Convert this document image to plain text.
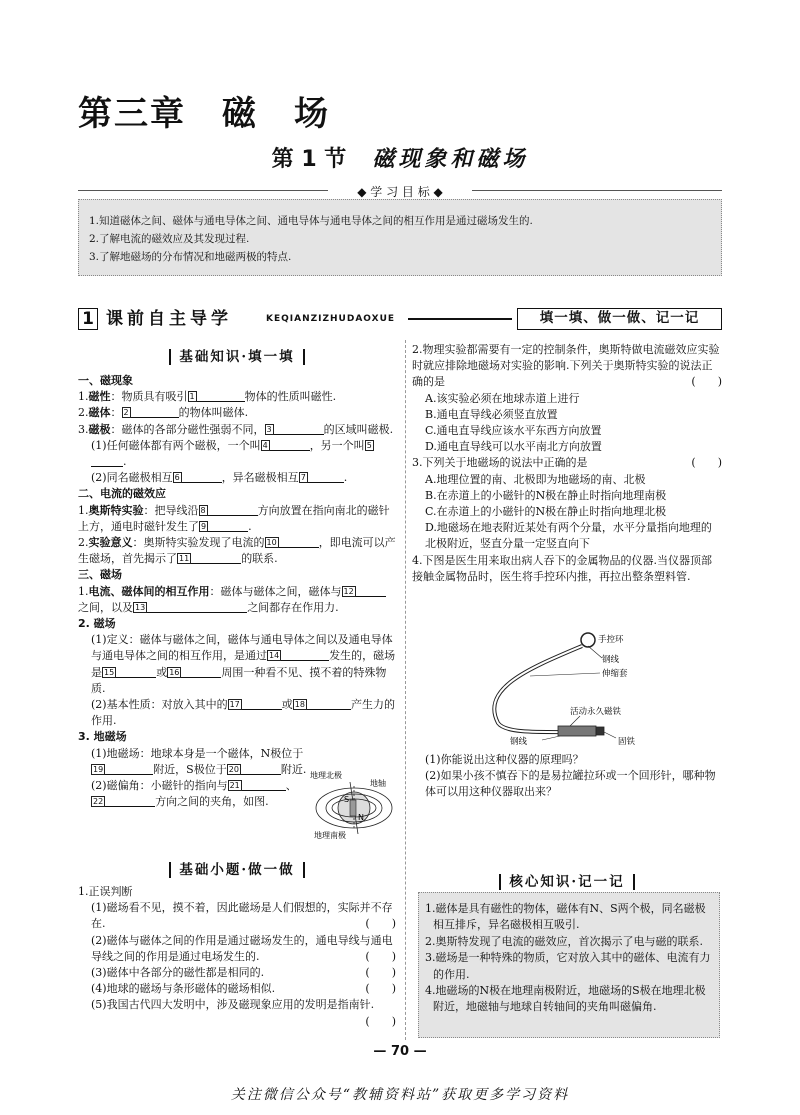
第三章　磁　场
第 1 节 磁现象和磁场
◆ 学 习 目 标 ◆
1.知道磁体之间、磁体与通电导体之间、通电导体与通电导体之间的相互作用是通过磁场发生的.
2.了解电流的磁效应及其发现过程.
3.了解地磁场的分布情况和地磁两极的特点.
1 课前自主导学	KEQIANZIZHUDAOXUE	填一填、做一做、记一记
基础知识·填一填
一、磁现象
1.磁性：物质具有吸引 1	物体的性质叫磁性.
2.磁体： 2	的物体叫磁体.
3.磁极：磁体的各部分磁性强弱不同， 3	的区域叫磁极.
(1)任何磁体都有两个磁极，一个叫 4	，另一个叫 5.
(2)同名磁极相互 6	，异名磁极相互 7	.
二、电流的磁效应
1.奥斯特实验：把导线沿 8	方向放置在指向南北的磁针上方，通电时磁针发生了 9	.
2.实验意义：奥斯特实验发现了电流的 10	，即电流可以产生磁场，首先揭示了 11	的联系.
三、磁场
1.电流、磁体间的相互作用：磁体与磁体之间，磁体与 12之间，以及 13	之间都存在作用力.
2. 磁场
(1)定义：磁体与磁体之间，磁体与通电导体之间以及通电导体与通电导体之间的相互作用，是通过 14	发生的，磁场是 15	或 16	周围一种看不见、摸不着的特殊物质.
(2)基本性质：对放入其中的 17	或 18	产生力的作用.
3. 地磁场
(1)地磁场：地球本身是一个磁体，N极位于19	附近，S极位于 20	附近.
(2)磁偏角：小磁针的指向与 21	、22	方向之间的夹角，如图.	S
N
地理北极
地轴
地理南极
基础小题·做一做
1.正误判断
(1)磁场看不见，摸不着，因此磁场是人们假想的，实际并不存在.	(　　)
(2)磁体与磁体之间的作用是通过磁场发生的，通电导线与通电导线之间的作用是通过电场发生的.	(　　)
(3)磁体中各部分的磁性都是相同的.	(　　)
(4)地球的磁场与条形磁体的磁场相似.	(　　)
(5)我国古代四大发明中，涉及磁现象应用的发明是指南针.
(　　)
2.物理实验都需要有一定的控制条件，奥斯特做电流磁效应实验时就应排除地磁场对实验的影响.下列关于奥斯特实验的说法正确的是	(　　)
A.该实验必须在地球赤道上进行
B.通电直导线必须竖直放置
C.通电直导线应该水平东西方向放置
D.通电直导线可以水平南北方向放置
3.下列关于地磁场的说法中正确的是	(　　)
A.地理位置的南、北极即为地磁场的南、北极
B.在赤道上的小磁针的N极在静止时指向地理南极
C.在赤道上的小磁针的N极在静止时指向地理北极
D.地磁场在地表附近某处有两个分量，水平分量指向地理的北极附近，竖直分量一定竖直向下
4.下图是医生用来取出病人吞下的金属物品的仪器.当仪器顶部接触金属物品时，医生将手控环内推，再拉出整条塑料管.
手控环
钢线
伸缩套
活动永久磁铁
钢线	固铁
(1)你能说出这种仪器的原理吗？
(2)如果小孩不慎吞下的是易拉罐拉环或一个回形针，哪种物体可以用这种仪器取出来？
核心知识·记一记
1.磁体是具有磁性的物体，磁体有N、S两个极，同名磁极相互排斥，异名磁极相互吸引.
2.奥斯特发现了电流的磁效应，首次揭示了电与磁的联系.
3.磁场是一种特殊的物质，它对放入其中的磁体、电流有力的作用.
4.地磁场的N极在地理南极附近，地磁场的S极在地理北极附近，地磁轴与地球自转轴间的夹角叫磁偏角.
— 70 —
关注微信公众号“教辅资料站”获取更多学习资料
